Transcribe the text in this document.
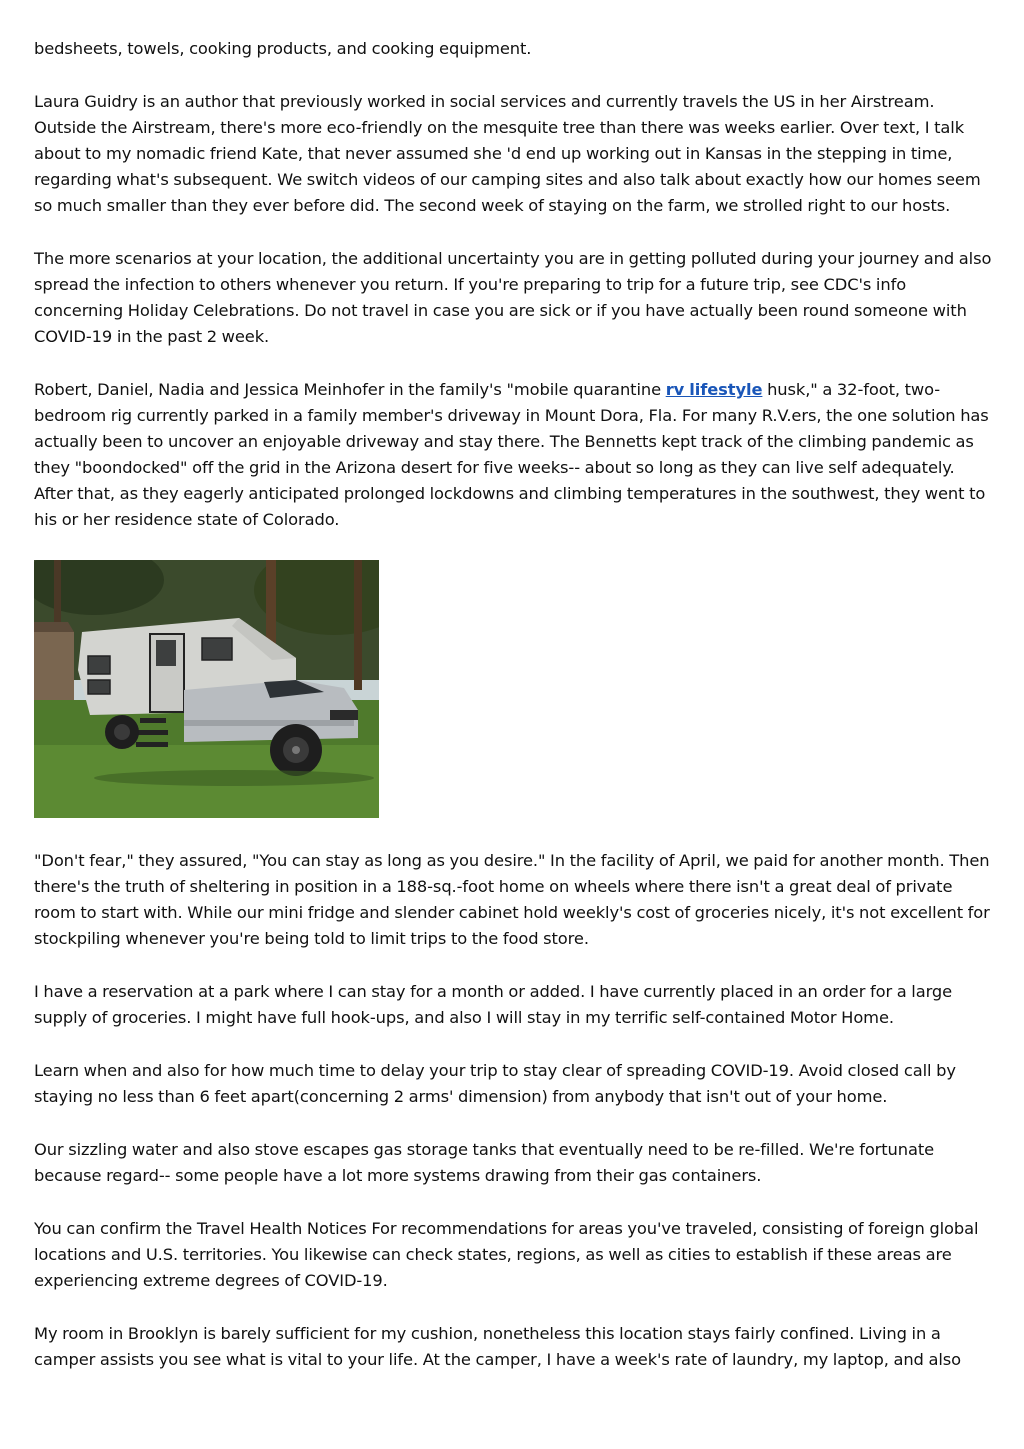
bedsheets, towels, cooking products, and cooking equipment.

Laura Guidry is an author that previously worked in social services and currently travels the US in her Airstream. Outside the Airstream, there's more eco-friendly on the mesquite tree than there was weeks earlier. Over text, I talk about to my nomadic friend Kate, that never assumed she 'd end up working out in Kansas in the stepping in time, regarding what's subsequent. We switch videos of our camping sites and also talk about exactly how our homes seem so much smaller than they ever before did. The second week of staying on the farm, we strolled right to our hosts.

The more scenarios at your location, the additional uncertainty you are in getting polluted during your journey and also spread the infection to others whenever you return. If you're preparing to trip for a future trip, see CDC's info concerning Holiday Celebrations. Do not travel in case you are sick or if you have actually been round someone with COVID-19 in the past 2 week.

Robert, Daniel, Nadia and Jessica Meinhofer in the family's "mobile quarantine rv lifestyle husk," a 32-foot, two-bedroom rig currently parked in a family member's driveway in Mount Dora, Fla. For many R.V.ers, the one solution has actually been to uncover an enjoyable driveway and stay there. The Bennetts kept track of the climbing pandemic as they "boondocked" off the grid in the Arizona desert for five weeks-- about so long as they can live self adequately. After that, as they eagerly anticipated prolonged lockdowns and climbing temperatures in the southwest, they went to his or her residence state of Colorado.

"Don't fear," they assured, "You can stay as long as you desire." In the facility of April, we paid for another month. Then there's the truth of sheltering in position in a 188-sq.-foot home on wheels where there isn't a great deal of private room to start with. While our mini fridge and slender cabinet hold weekly's cost of groceries nicely, it's not excellent for stockpiling whenever you're being told to limit trips to the food store.

I have a reservation at a park where I can stay for a month or added. I have currently placed in an order for a large supply of groceries. I might have full hook-ups, and also I will stay in my terrific self-contained Motor Home.

Learn when and also for how much time to delay your trip to stay clear of spreading COVID-19. Avoid closed call by staying no less than 6 feet apart(concerning 2 arms' dimension) from anybody that isn't out of your home.

Our sizzling water and also stove escapes gas storage tanks that eventually need to be re-filled. We're fortunate because regard-- some people have a lot more systems drawing from their gas containers.

You can confirm the Travel Health Notices For recommendations for areas you've traveled, consisting of foreign global locations and U.S. territories. You likewise can check states, regions, as well as cities to establish if these areas are experiencing extreme degrees of COVID-19.

My room in Brooklyn is barely sufficient for my cushion, nonetheless this location stays fairly confined. Living in a camper assists you see what is vital to your life. At the camper, I have a week's rate of laundry, my laptop, and also
